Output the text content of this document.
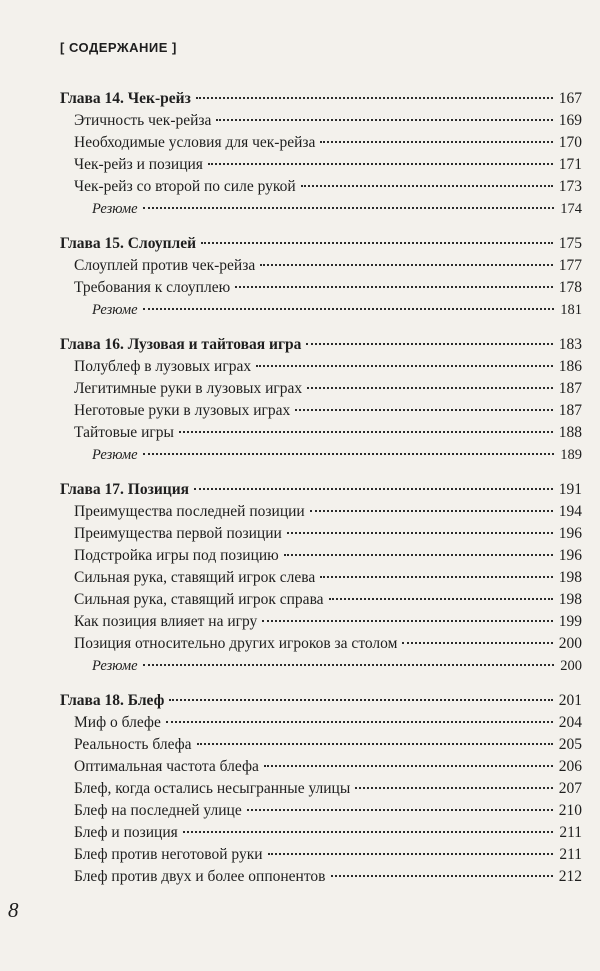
[ СОДЕРЖАНИЕ ]
Глава 14. Чек-рейз	167
Этичность чек-рейза	169
Необходимые условия для чек-рейза	170
Чек-рейз и позиция	171
Чек-рейз со второй по силе рукой	173
Резюме	174
Глава 15. Слоуплей	175
Слоуплей против чек-рейза	177
Требования к слоуплею	178
Резюме	181
Глава 16. Лузовая и тайтовая игра	183
Полублеф в лузовых играх	186
Легитимные руки в лузовых играх	187
Неготовые руки в лузовых играх	187
Тайтовые игры	188
Резюме	189
Глава 17. Позиция	191
Преимущества последней позиции	194
Преимущества первой позиции	196
Подстройка игры под позицию	196
Сильная рука, ставящий игрок слева	198
Сильная рука, ставящий игрок справа	198
Как позиция влияет на игру	199
Позиция относительно других игроков за столом	200
Резюме	200
Глава 18. Блеф	201
Миф о блефе	204
Реальность блефа	205
Оптимальная частота блефа	206
Блеф, когда остались несыгранные улицы	207
Блеф на последней улице	210
Блеф и позиция	211
Блеф против неготовой руки	211
Блеф против двух и более оппонентов	212
8
